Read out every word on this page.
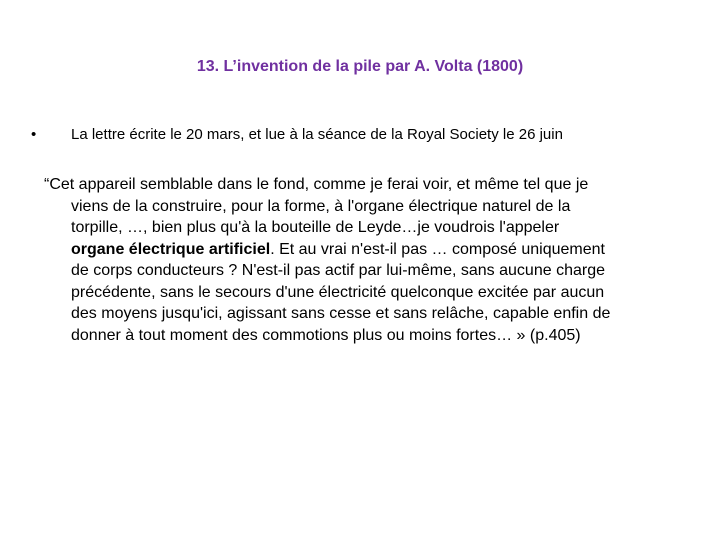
13. L’invention de la pile par A. Volta (1800)
• La lettre écrite le 20 mars, et lue à la séance de la Royal Society le 26 juin
“Cet appareil semblable dans le fond, comme je ferai voir, et même tel que je
viens de la construire, pour la forme, à l'organe électrique naturel de la
torpille, …, bien plus qu'à la bouteille de Leyde…je voudrois l'appeler
organe électrique artificiel. Et au vrai n'est-il pas … composé uniquement
de corps conducteurs ? N'est-il pas actif par lui-même, sans aucune charge
précédente, sans le secours d'une électricité quelconque excitée par aucun
des moyens jusqu'ici, agissant sans cesse et sans relâche, capable enfin de
donner à tout moment des commotions plus ou moins fortes… » (p.405)
